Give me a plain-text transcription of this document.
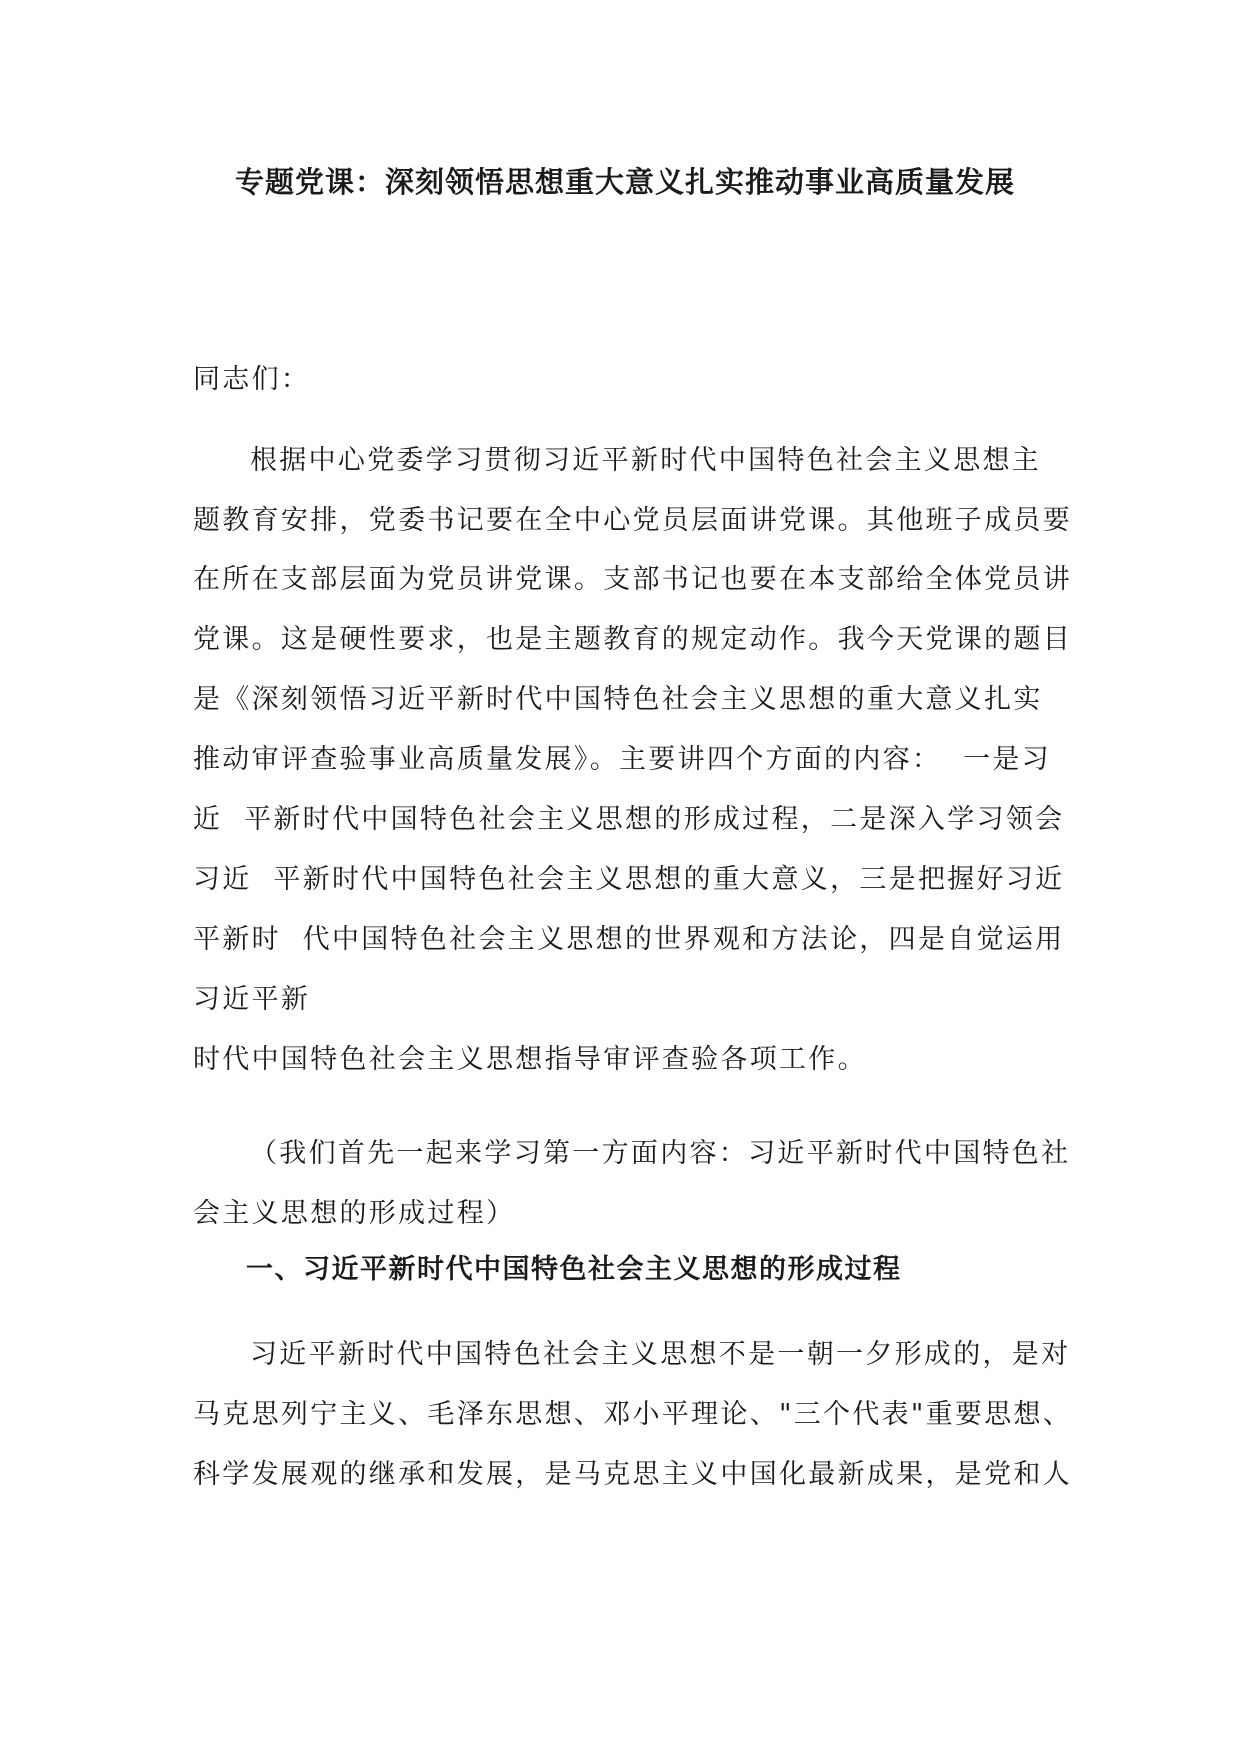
专题党课：深刻领悟思想重大意义扎实推动事业高质量发展
同志们：
根据中心党委学习贯彻习近平新时代中国特色社会主义思想主
题教育安排，党委书记要在全中心党员层面讲党课。其他班子成员要
在所在支部层面为党员讲党课。支部书记也要在本支部给全体党员讲
党课。这是硬性要求，也是主题教育的规定动作。我今天党课的题目
是《深刻领悟习近平新时代中国特色社会主义思想的重大意义扎实
推动审评查验事业高质量发展》。主要讲四个方面的内容：  一是习
近  平新时代中国特色社会主义思想的形成过程，二是深入学习领会
习近  平新时代中国特色社会主义思想的重大意义，三是把握好习近
平新时  代中国特色社会主义思想的世界观和方法论，四是自觉运用
习近平新
时代中国特色社会主义思想指导审评查验各项工作。
（我们首先一起来学习第一方面内容：习近平新时代中国特色社
会主义思想的形成过程）
一、习近平新时代中国特色社会主义思想的形成过程
习近平新时代中国特色社会主义思想不是一朝一夕形成的，是对
马克思列宁主义、毛泽东思想、邓小平理论、"三个代表"重要思想、
科学发展观的继承和发展，是马克思主义中国化最新成果，是党和人
